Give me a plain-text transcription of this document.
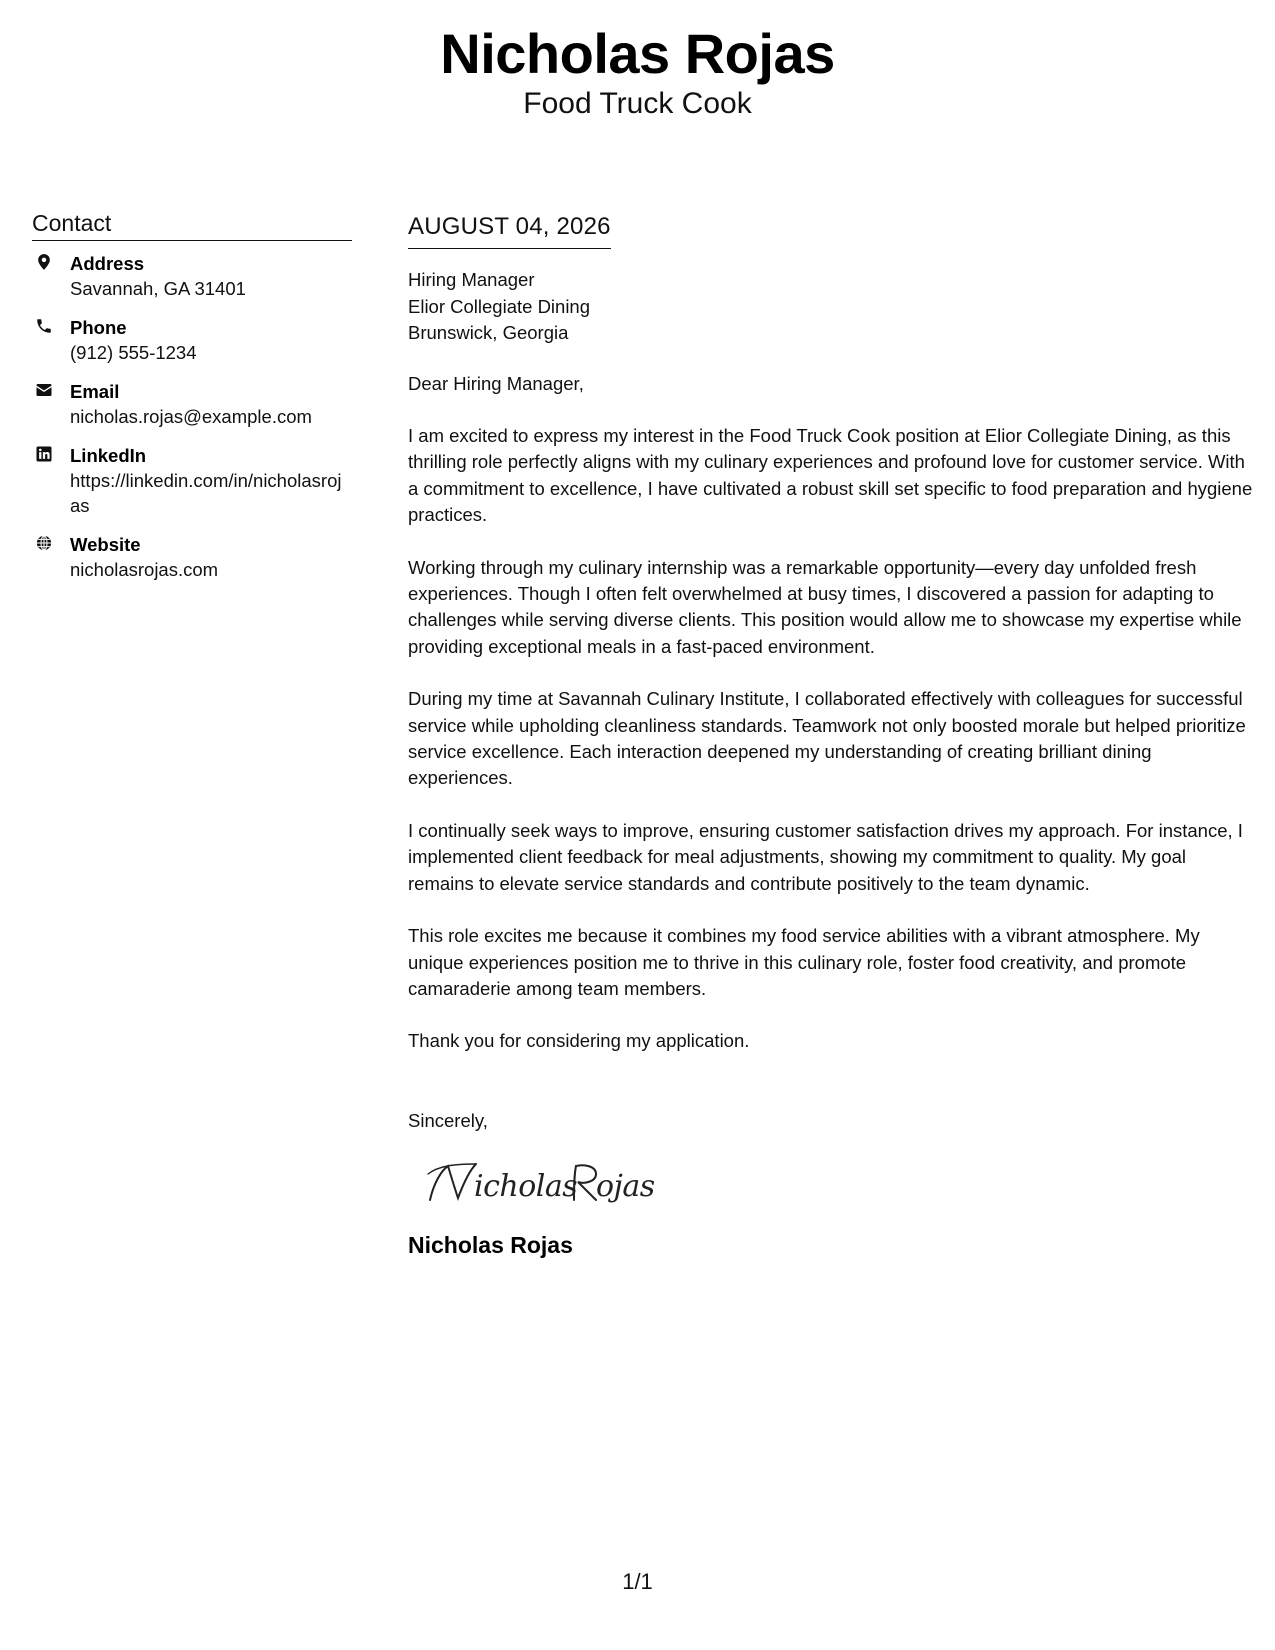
Nicholas Rojas
Food Truck Cook
Contact
Address
Savannah, GA 31401
Phone
(912) 555-1234
Email
nicholas.rojas@example.com
LinkedIn
https://linkedin.com/in/nicholasrojas
Website
nicholasrojas.com
AUGUST 04, 2026
Hiring Manager
Elior Collegiate Dining
Brunswick, Georgia
Dear Hiring Manager,
I am excited to express my interest in the Food Truck Cook position at Elior Collegiate Dining, as this thrilling role perfectly aligns with my culinary experiences and profound love for customer service. With a commitment to excellence, I have cultivated a robust skill set specific to food preparation and hygiene practices.
Working through my culinary internship was a remarkable opportunity—every day unfolded fresh experiences. Though I often felt overwhelmed at busy times, I discovered a passion for adapting to challenges while serving diverse clients. This position would allow me to showcase my expertise while providing exceptional meals in a fast-paced environment.
During my time at Savannah Culinary Institute, I collaborated effectively with colleagues for successful service while upholding cleanliness standards. Teamwork not only boosted morale but helped prioritize service excellence. Each interaction deepened my understanding of creating brilliant dining experiences.
I continually seek ways to improve, ensuring customer satisfaction drives my approach. For instance, I implemented client feedback for meal adjustments, showing my commitment to quality. My goal remains to elevate service standards and contribute positively to the team dynamic.
This role excites me because it combines my food service abilities with a vibrant atmosphere. My unique experiences position me to thrive in this culinary role, foster food creativity, and promote camaraderie among team members.
Thank you for considering my application.
Sincerely,
icholas ojas
Nicholas Rojas
1/1
